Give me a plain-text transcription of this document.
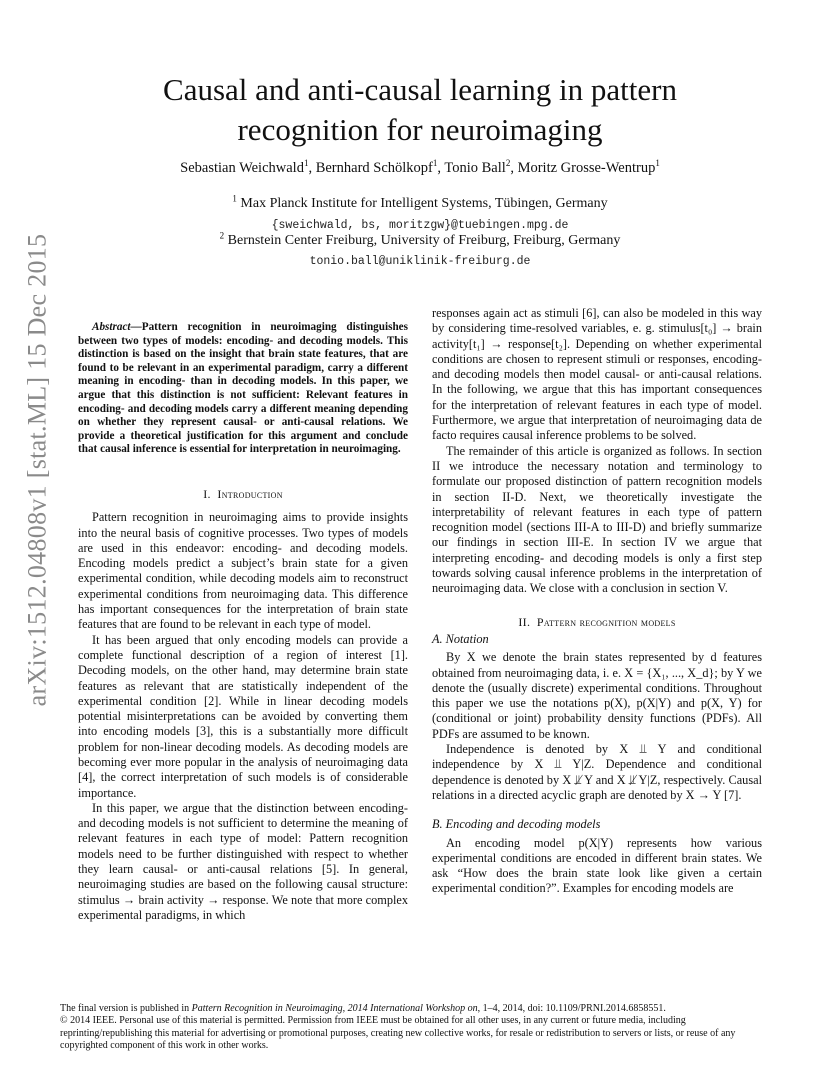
arXiv:1512.04808v1 [stat.ML] 15 Dec 2015
Causal and anti-causal learning in pattern
recognition for neuroimaging
Sebastian Weichwald$^1$, Bernhard Schölkopf$^1$, Tonio Ball$^2$, Moritz Grosse-Wentrup$^1$
$^1$ Max Planck Institute for Intelligent Systems, Tübingen, Germany
{sweichwald, bs, moritzgw}@tuebingen.mpg.de
$^2$ Bernstein Center Freiburg, University of Freiburg, Freiburg, Germany
tonio.ball@uniklinik-freiburg.de
Abstract—Pattern recognition in neuroimaging distinguishes between two types of models: encoding- and decoding models. This distinction is based on the insight that brain state features, that are found to be relevant in an experimental paradigm, carry a different meaning in encoding- than in decoding models. In this paper, we argue that this distinction is not sufficient: Relevant features in encoding- and decoding models carry a different meaning depending on whether they represent causal- or anti-causal relations. We provide a theoretical justification for this argument and conclude that causal inference is essential for interpretation in neuroimaging.
I. Introduction

Pattern recognition in neuroimaging aims to provide insights into the neural basis of cognitive processes. Two types of models are used in this endeavor: encoding- and decoding models. Encoding models predict a subject’s brain state for a given experimental condition, while decoding models aim to reconstruct experimental conditions from neuroimaging data. This difference has important consequences for the interpretation of brain state features that are found to be relevant in each type of model.

It has been argued that only encoding models can provide a complete functional description of a region of interest [1]. Decoding models, on the other hand, may determine brain state features as relevant that are statistically independent of the experimental condition [2]. While in linear decoding models potential misinterpretations can be avoided by converting them into encoding models [3], this is a substantially more difficult problem for non-linear decoding models. As decoding models are becoming ever more popular in the analysis of neuroimaging data [4], the correct interpretation of such models is of considerable importance.

In this paper, we argue that the distinction between encoding- and decoding models is not sufficient to determine the meaning of relevant features in each type of model: Pattern recognition models need to be further distinguished with respect to whether they learn causal- or anti-causal relations [5]. In general, neuroimaging studies are based on the following causal structure: stimulus → brain activity → response. We note that more complex experimental paradigms, in which

responses again act as stimuli [6], can also be modeled in this way by considering time-resolved variables, e. g. stimulus[t₀] → brain activity[t₁] → response[t₂]. Depending on whether experimental conditions are chosen to represent stimuli or responses, encoding- and decoding models then model causal- or anti-causal relations. In the following, we argue that this has important consequences for the interpretation of relevant features in each type of model. Furthermore, we argue that interpretation of neuroimaging data de facto requires causal inference problems to be solved.

The remainder of this article is organized as follows. In section II we introduce the necessary notation and terminology to formulate our proposed distinction of pattern recognition models in section II-D. Next, we theoretically investigate the interpretability of relevant features in each type of pattern recognition model (sections III-A to III-D) and briefly summarize our findings in section III-E. In section IV we argue that interpreting encoding- and decoding models is only a first step towards solving causal inference problems in the interpretation of neuroimaging data. We close with a conclusion in section V.

II. Pattern recognition models
A. Notation

By X we denote the brain states represented by d features obtained from neuroimaging data, i. e. X = {X₁, ..., X_d}; by Y we denote the (usually discrete) experimental conditions. Throughout this paper we use the notations p(X), p(X|Y) and p(X, Y) for (conditional or joint) probability density functions (PDFs). All PDFs are assumed to be known.

Independence is denoted by X ⫫ Y and conditional independence by X ⫫ Y|Z. Dependence and conditional dependence is denoted by X ⫫̸ Y and X ⫫̸ Y|Z, respectively. Causal relations in a directed acyclic graph are denoted by X → Y [7].

B. Encoding and decoding models

An encoding model p(X|Y) represents how various experimental conditions are encoded in different brain states. We ask “How does the brain state look like given a certain experimental condition?”. Examples for encoding models are

The final version is published in Pattern Recognition in Neuroimaging, 2014 International Workshop on, 1–4, 2014, doi: 10.1109/PRNI.2014.6858551.
© 2014 IEEE. Personal use of this material is permitted. Permission from IEEE must be obtained for all other uses, in any current or future media, including reprinting/republishing this material for advertising or promotional purposes, creating new collective works, for resale or redistribution to servers or lists, or reuse of any copyrighted component of this work in other works.
